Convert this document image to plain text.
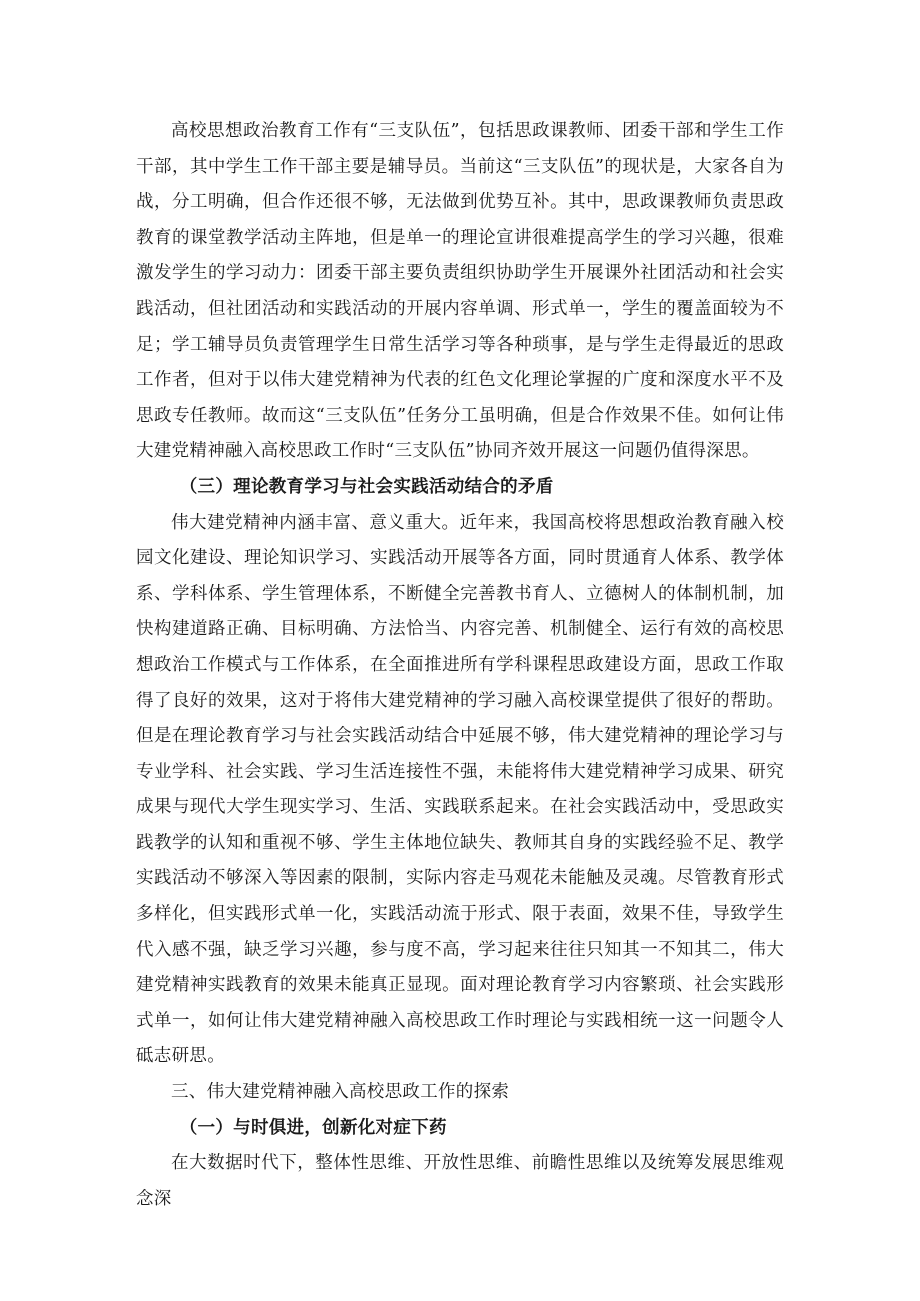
高校思想政治教育工作有“三支队伍”，包括思政课教师、团委干部和学生工作干部，其中学生工作干部主要是辅导员。当前这“三支队伍”的现状是，大家各自为战，分工明确，但合作还很不够，无法做到优势互补。其中，思政课教师负责思政教育的课堂教学活动主阵地，但是单一的理论宣讲很难提高学生的学习兴趣，很难激发学生的学习动力：团委干部主要负责组织协助学生开展课外社团活动和社会实践活动，但社团活动和实践活动的开展内容单调、形式单一，学生的覆盖面较为不足；学工辅导员负责管理学生日常生活学习等各种琐事，是与学生走得最近的思政工作者，但对于以伟大建党精神为代表的红色文化理论掌握的广度和深度水平不及思政专任教师。故而这“三支队伍”任务分工虽明确，但是合作效果不佳。如何让伟大建党精神融入高校思政工作时“三支队伍”协同齐效开展这一问题仍值得深思。

（三）理论教育学习与社会实践活动结合的矛盾

伟大建党精神内涵丰富、意义重大。近年来，我国高校将思想政治教育融入校园文化建设、理论知识学习、实践活动开展等各方面，同时贯通育人体系、教学体系、学科体系、学生管理体系，不断健全完善教书育人、立德树人的体制机制，加快构建道路正确、目标明确、方法恰当、内容完善、机制健全、运行有效的高校思想政治工作模式与工作体系，在全面推进所有学科课程思政建设方面，思政工作取得了良好的效果，这对于将伟大建党精神的学习融入高校课堂提供了很好的帮助。但是在理论教育学习与社会实践活动结合中延展不够，伟大建党精神的理论学习与专业学科、社会实践、学习生活连接性不强，未能将伟大建党精神学习成果、研究成果与现代大学生现实学习、生活、实践联系起来。在社会实践活动中，受思政实践教学的认知和重视不够、学生主体地位缺失、教师其自身的实践经验不足、教学实践活动不够深入等因素的限制，实际内容走马观花未能触及灵魂。尽管教育形式多样化，但实践形式单一化，实践活动流于形式、限于表面，效果不佳，导致学生代入感不强，缺乏学习兴趣，参与度不高，学习起来往往只知其一不知其二，伟大建党精神实践教育的效果未能真正显现。面对理论教育学习内容繁琐、社会实践形式单一，如何让伟大建党精神融入高校思政工作时理论与实践相统一这一问题令人砥志研思。

三、伟大建党精神融入高校思政工作的探索

（一）与时俱进，创新化对症下药

在大数据时代下，整体性思维、开放性思维、前瞻性思维以及统筹发展思维观念深
